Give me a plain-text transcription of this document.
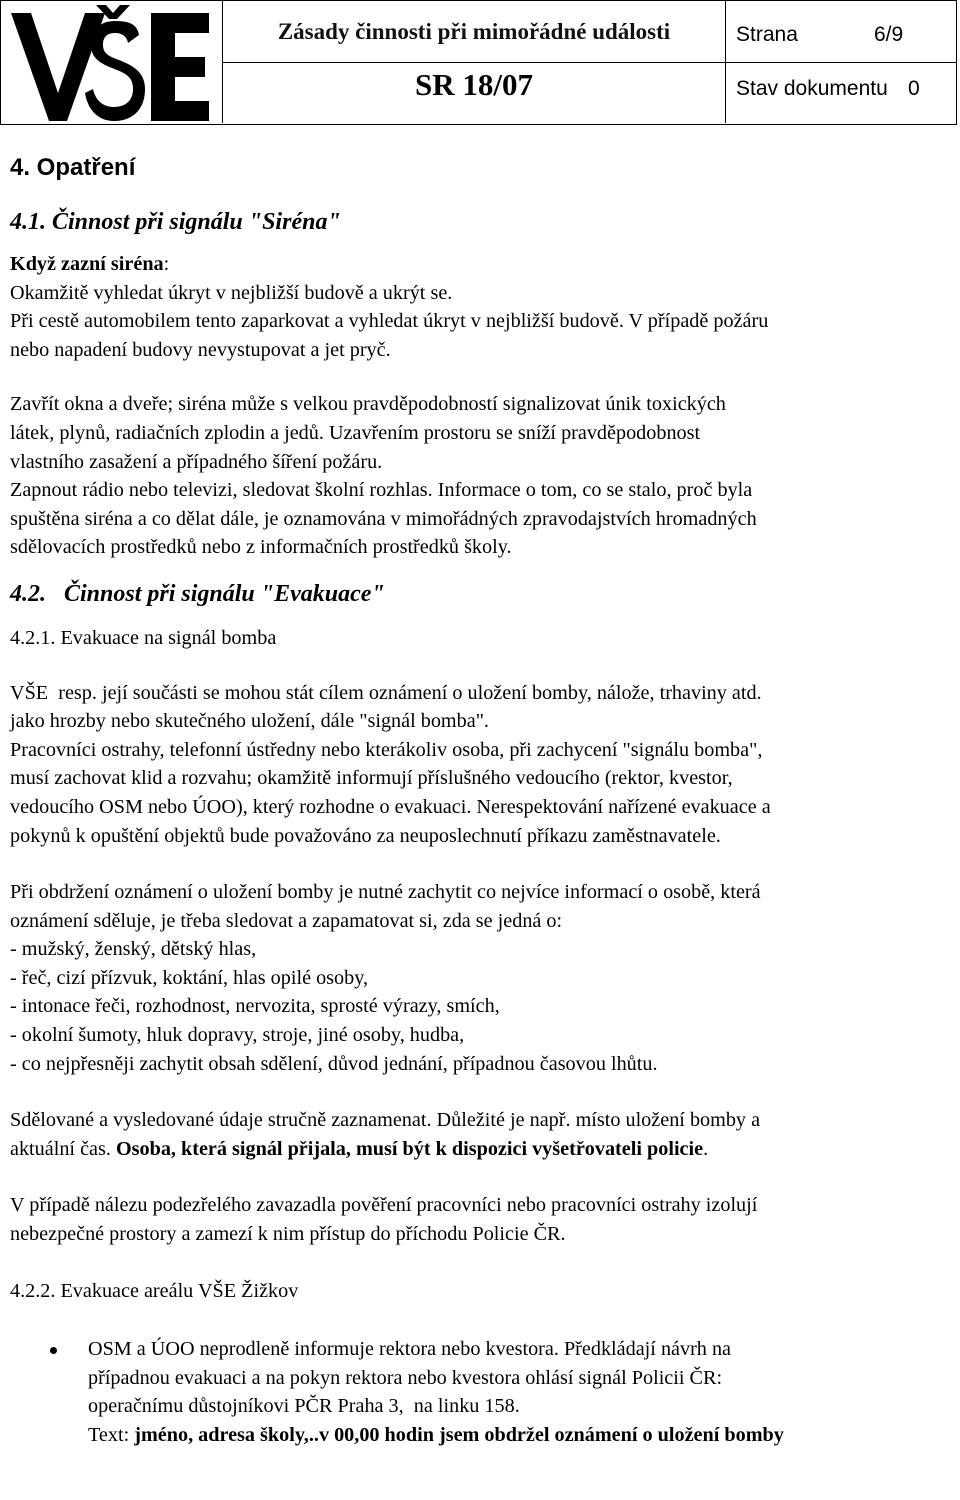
Zásady činnosti při mimořádné události
SR 18/07
Strana	6/9
Stav dokumentu 0

4. Opatření

4.1. Činnost při signálu "Siréna"

Když zazní siréna:

Okamžitě vyhledat úkryt v nejbližší budově a ukrýt se.

Při cestě automobilem tento zaparkovat a vyhledat úkryt v nejbližší budově. V případě požáru

nebo napadení budovy nevystupovat a jet pryč.

Zavřít okna a dveře; siréna může s velkou pravděpodobností signalizovat únik toxických

látek, plynů, radiačních zplodin a jedů. Uzavřením prostoru se sníží pravděpodobnost

vlastního zasažení a případného šíření požáru.

Zapnout rádio nebo televizi, sledovat školní rozhlas. Informace o tom, co se stalo, proč byla

spuštěna siréna a co dělat dále, je oznamována v mimořádných zpravodajstvích hromadných

sdělovacích prostředků nebo z informačních prostředků školy.

4.2.   Činnost při signálu "Evakuace"

4.2.1. Evakuace na signál bomba

VŠE  resp. její součásti se mohou stát cílem oznámení o uložení bomby, nálože, trhaviny atd.

jako hrozby nebo skutečného uložení, dále "signál bomba".

Pracovníci ostrahy, telefonní ústředny nebo kterákoliv osoba, při zachycení "signálu bomba",

musí zachovat klid a rozvahu; okamžitě informují příslušného vedoucího (rektor, kvestor,

vedoucího OSM nebo ÚOO), který rozhodne o evakuaci. Nerespektování nařízené evakuace a

pokynů k opuštění objektů bude považováno za neuposlechnutí příkazu zaměstnavatele.

Při obdržení oznámení o uložení bomby je nutné zachytit co nejvíce informací o osobě, která

oznámení sděluje, je třeba sledovat a zapamatovat si, zda se jedná o:

- mužský, ženský, dětský hlas,

- řeč, cizí přízvuk, koktání, hlas opilé osoby,

- intonace řeči, rozhodnost, nervozita, sprosté výrazy, smích,

- okolní šumoty, hluk dopravy, stroje, jiné osoby, hudba,

- co nejpřesněji zachytit obsah sdělení, důvod jednání, případnou časovou lhůtu.

Sdělované a vysledované údaje stručně zaznamenat. Důležité je např. místo uložení bomby a

aktuální čas. Osoba, která signál přijala, musí být k dispozici vyšetřovateli policie.

V případě nálezu podezřelého zavazadla pověření pracovníci nebo pracovníci ostrahy izolují

nebezpečné prostory a zamezí k nim přístup do příchodu Policie ČR.

4.2.2. Evakuace areálu VŠE Žižkov

OSM a ÚOO neprodleně informuje rektora nebo kvestora. Předkládají návrh na

případnou evakuaci a na pokyn rektora nebo kvestora ohlásí signál Policii ČR:

operačnímu důstojníkovi PČR Praha 3,  na linku 158.

Text: jméno, adresa školy,..v 00,00 hodin jsem obdržel oznámení o uložení bomby
